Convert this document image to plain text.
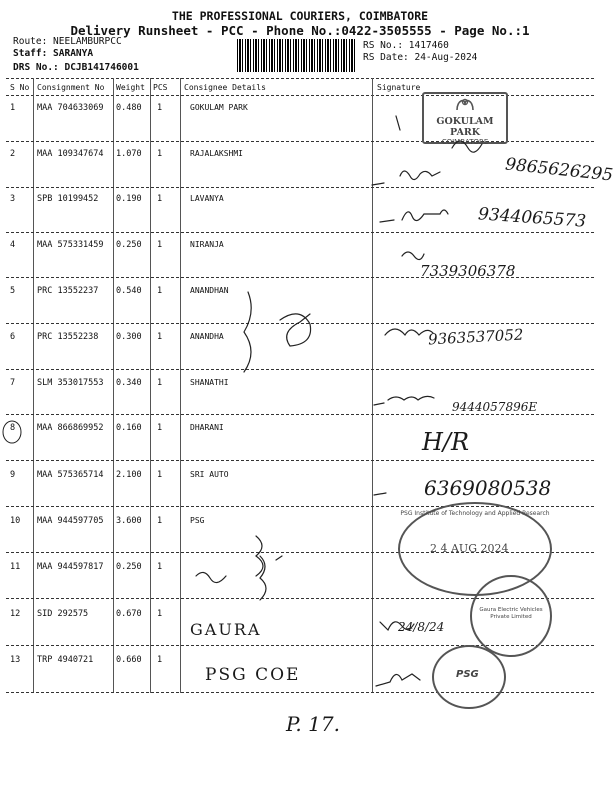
THE PROFESSIONAL COURIERS, COIMBATORE
Delivery Runsheet - PCC - Phone No.:0422-3505555 - Page No.:1
Route: NEELAMBURPCC
Staff: SARANYA
DRS No.: DCJB141746001
RS No.: 1417460
RS Date: 24-Aug-2024
S No Consignment No Weight PCS Consignee Details	Signature
1	MAA 704633069 0.480 1	GOKULAM PARK
2	MAA 109347674 1.070 1	RAJALAKSHMI
3	SPB 10199452 0.190 1	LAVANYA
4	MAA 575331459 0.250 1	NIRANJA
5	PRC 13552237 0.540 1	ANANDHAN
6	PRC 13552238 0.300 1	ANANDHA
7	SLM 353017553 0.340 1	SHANATHI
8	MAA 866869952 0.160 1	DHARANI
9	MAA 575365714 2.100 1	SRI AUTO
10 MAA 944597705 3.600 1	PSG
11 MAA 944597817 0.250 1
12 SID 292575	0.670 1
13 TRP 4940721	0.660 1
GOKULAM PARK
COIMBATORE
PSG Institute of Technology and Applied Research
2 4 AUG 2024
Gaura Electric Vehicles Private Limited
PSG
9865626295
9344065573
7339306378
9363537052
9444057896E
H/R
6369080538
24/8/24
GAURA
PSG COE
P. 17.
